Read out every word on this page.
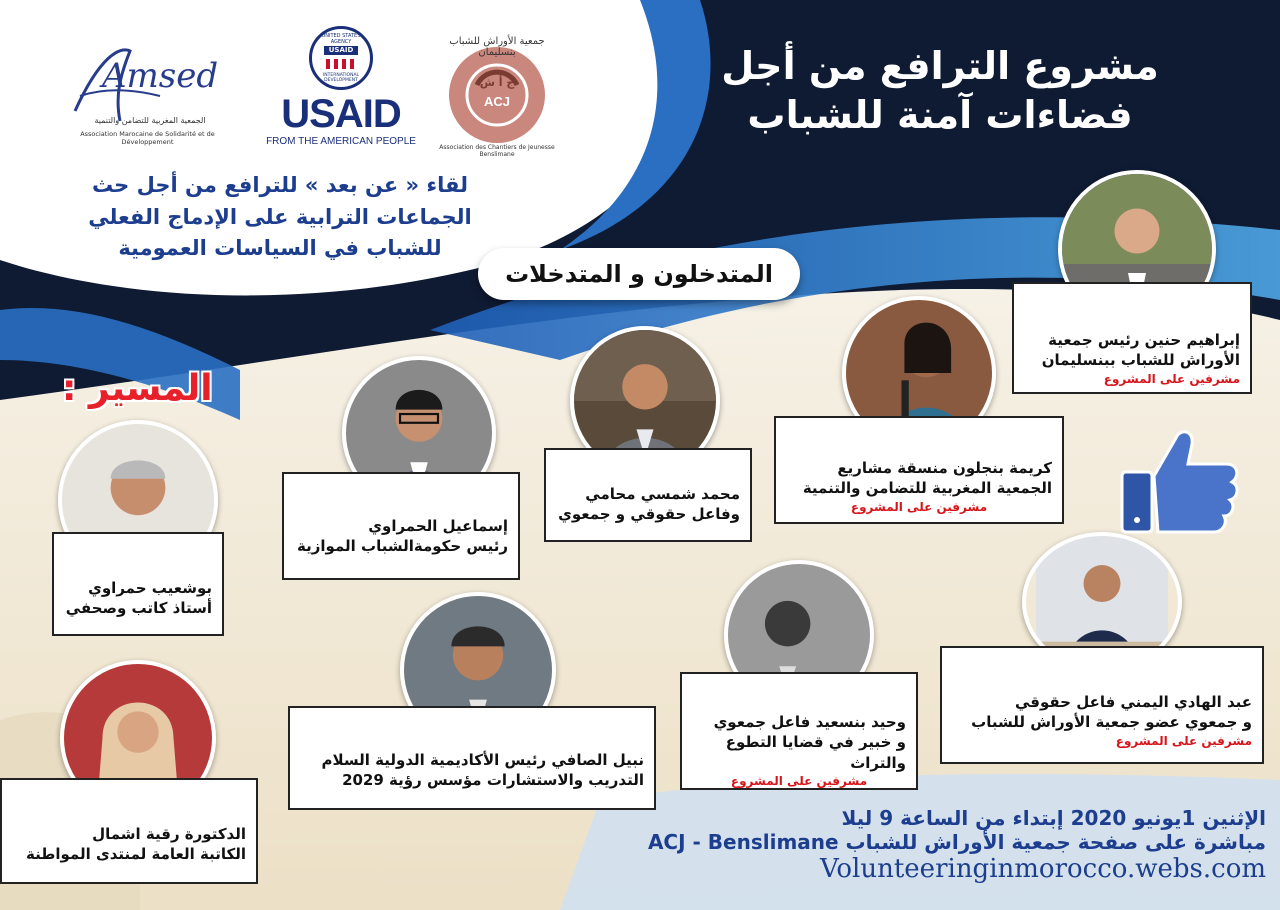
Amsed
الجمعية المغربية للتضامن والتنمية
Association Marocaine de Solidarité et de Développement
UNITED STATES AGENCY
USAID
INTERNATIONAL DEVELOPMENT
USAID
FROM THE AMERICAN PEOPLE
جمعية الأوراش للشباب بنسليمان
ج أ ش
ACJ
Association des Chantiers de Jeunesse Benslimane
مشروع الترافع من أجل
فضاءات آمنة للشباب
لقاء « عن بعد » للترافع من أجل حث
الجماعات الترابية على الإدماج الفعلي
للشباب في السياسات العمومية
المتدخلون و المتدخلات
المسير :
إبراهيم حنين رئيس جمعية
الأوراش للشباب ببنسليمان
مشرفين على المشروع
كريمة بنجلون منسقة مشاريع
الجمعية المغربية للتضامن والتنمية
مشرفين على المشروع
محمد شمسي محامي
وفاعل حقوقي و جمعوي
إسماعيل الحمراوي
رئيس حكومةالشباب الموازية
بوشعيب حمراوي
أستاذ كاتب وصحفي
عبد الهادي اليمني فاعل حقوقي
و جمعوي عضو جمعية الأوراش للشباب
مشرفين على المشروع
وحيد بنسعيد فاعل جمعوي
و خبير في قضايا التطوع والتراث
مشرفين على المشروع
نبيل الصافي رئيس الأكاديمية الدولية السلام
التدريب والاستشارات مؤسس رؤية 2029
الدكتورة رقية اشمال
الكاتبة العامة لمنتدى المواطنة
الإثنين 1يونيو 2020 إبتداء من الساعة 9 ليلا
مباشرة على صفحة جمعية الأوراش للشباب ACJ - Benslimane
Volunteeringinmorocco.webs.com
